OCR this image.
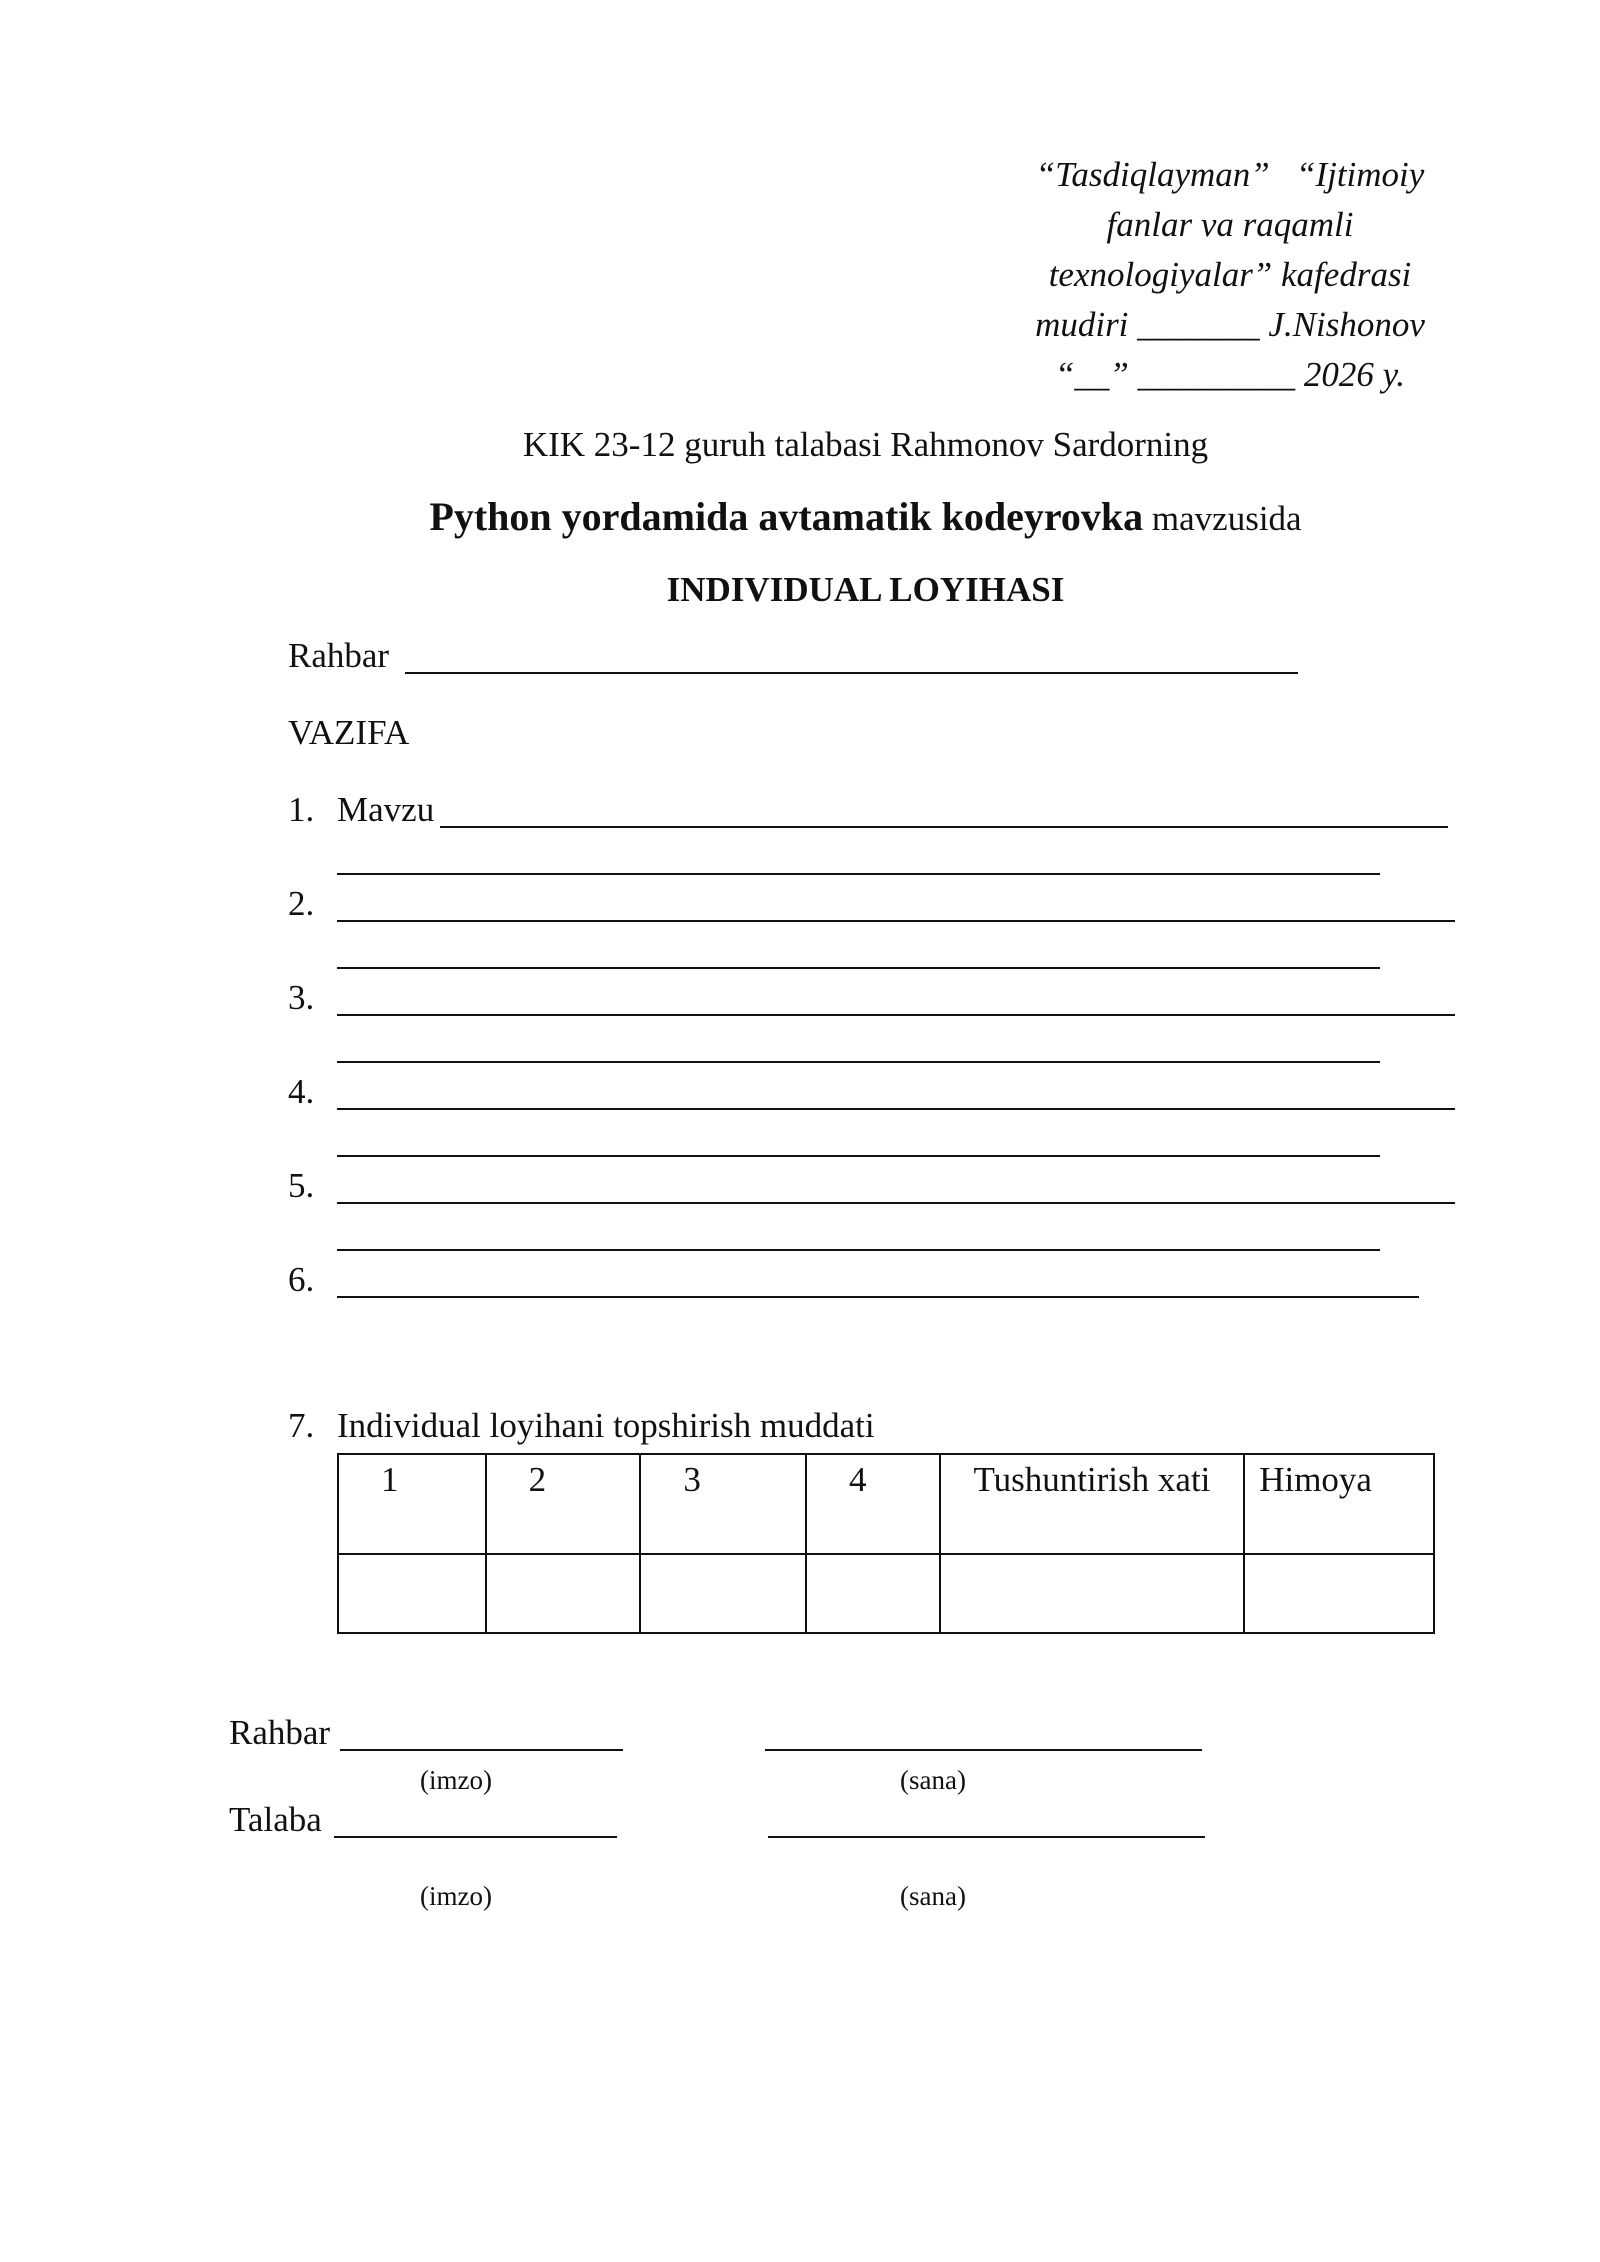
“Tasdiqlayman”   “Ijtimoiy
fanlar va raqamli
texnologiyalar” kafedrasi
mudiri _______ J.Nishonov
“__” _________ 2026 y.
KIK 23-12 guruh talabasi Rahmonov Sardorning
Python yordamida avtamatik kodeyrovka mavzusida
INDIVIDUAL LOYIHASI
Rahbar
VAZIFA
1. Mavzu
2.
3.
4.
5.
6.
7. Individual loyihani topshirish muddati
1	2	3	4	Tushuntirish xati	Himoya

Rahbar
(imzo)	(sana)
Talaba
(imzo)	(sana)
